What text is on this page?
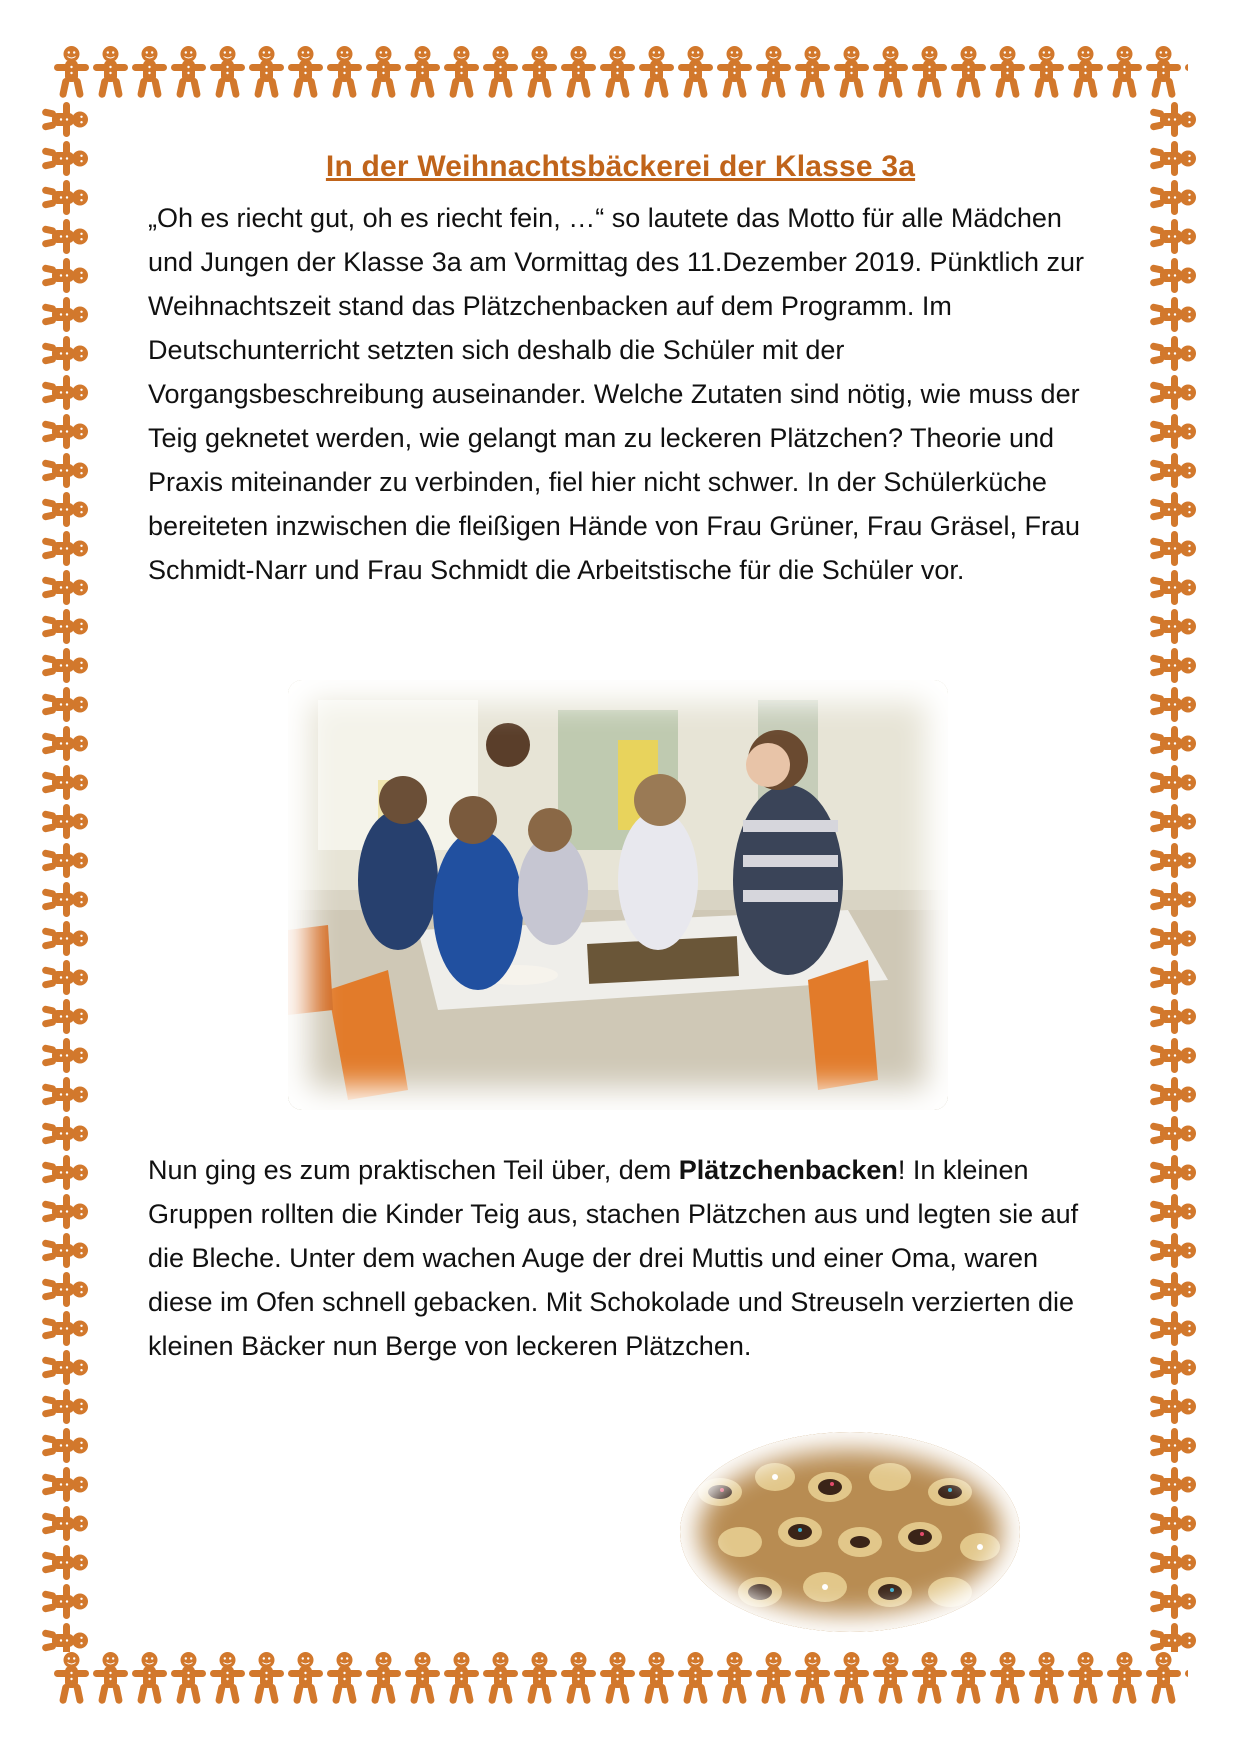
In der Weihnachtsbäckerei der Klasse 3a

„Oh es riecht gut, oh es riecht fein, …“ so lautete das Motto für alle Mädchen und Jungen der Klasse 3a am Vormittag des 11.Dezember 2019. Pünktlich zur Weihnachtszeit stand das Plätzchenbacken auf dem Programm. Im Deutschunterricht setzten sich deshalb die Schüler mit der Vorgangsbeschreibung auseinander. Welche Zutaten sind nötig, wie muss der Teig geknetet werden, wie gelangt man zu leckeren Plätzchen? Theorie und Praxis miteinander zu verbinden, fiel hier nicht schwer. In der Schülerküche bereiteten inzwischen die fleißigen Hände von Frau Grüner, Frau Gräsel, Frau Schmidt-Narr und Frau Schmidt die Arbeitstische für die Schüler vor.

Nun ging es zum praktischen Teil über, dem Plätzchenbacken! In kleinen Gruppen rollten die Kinder Teig aus, stachen Plätzchen aus und legten sie auf die Bleche. Unter dem wachen Auge der drei Muttis und einer Oma, waren diese im Ofen schnell gebacken. Mit Schokolade und Streuseln verzierten die kleinen Bäcker nun Berge von leckeren Plätzchen.
